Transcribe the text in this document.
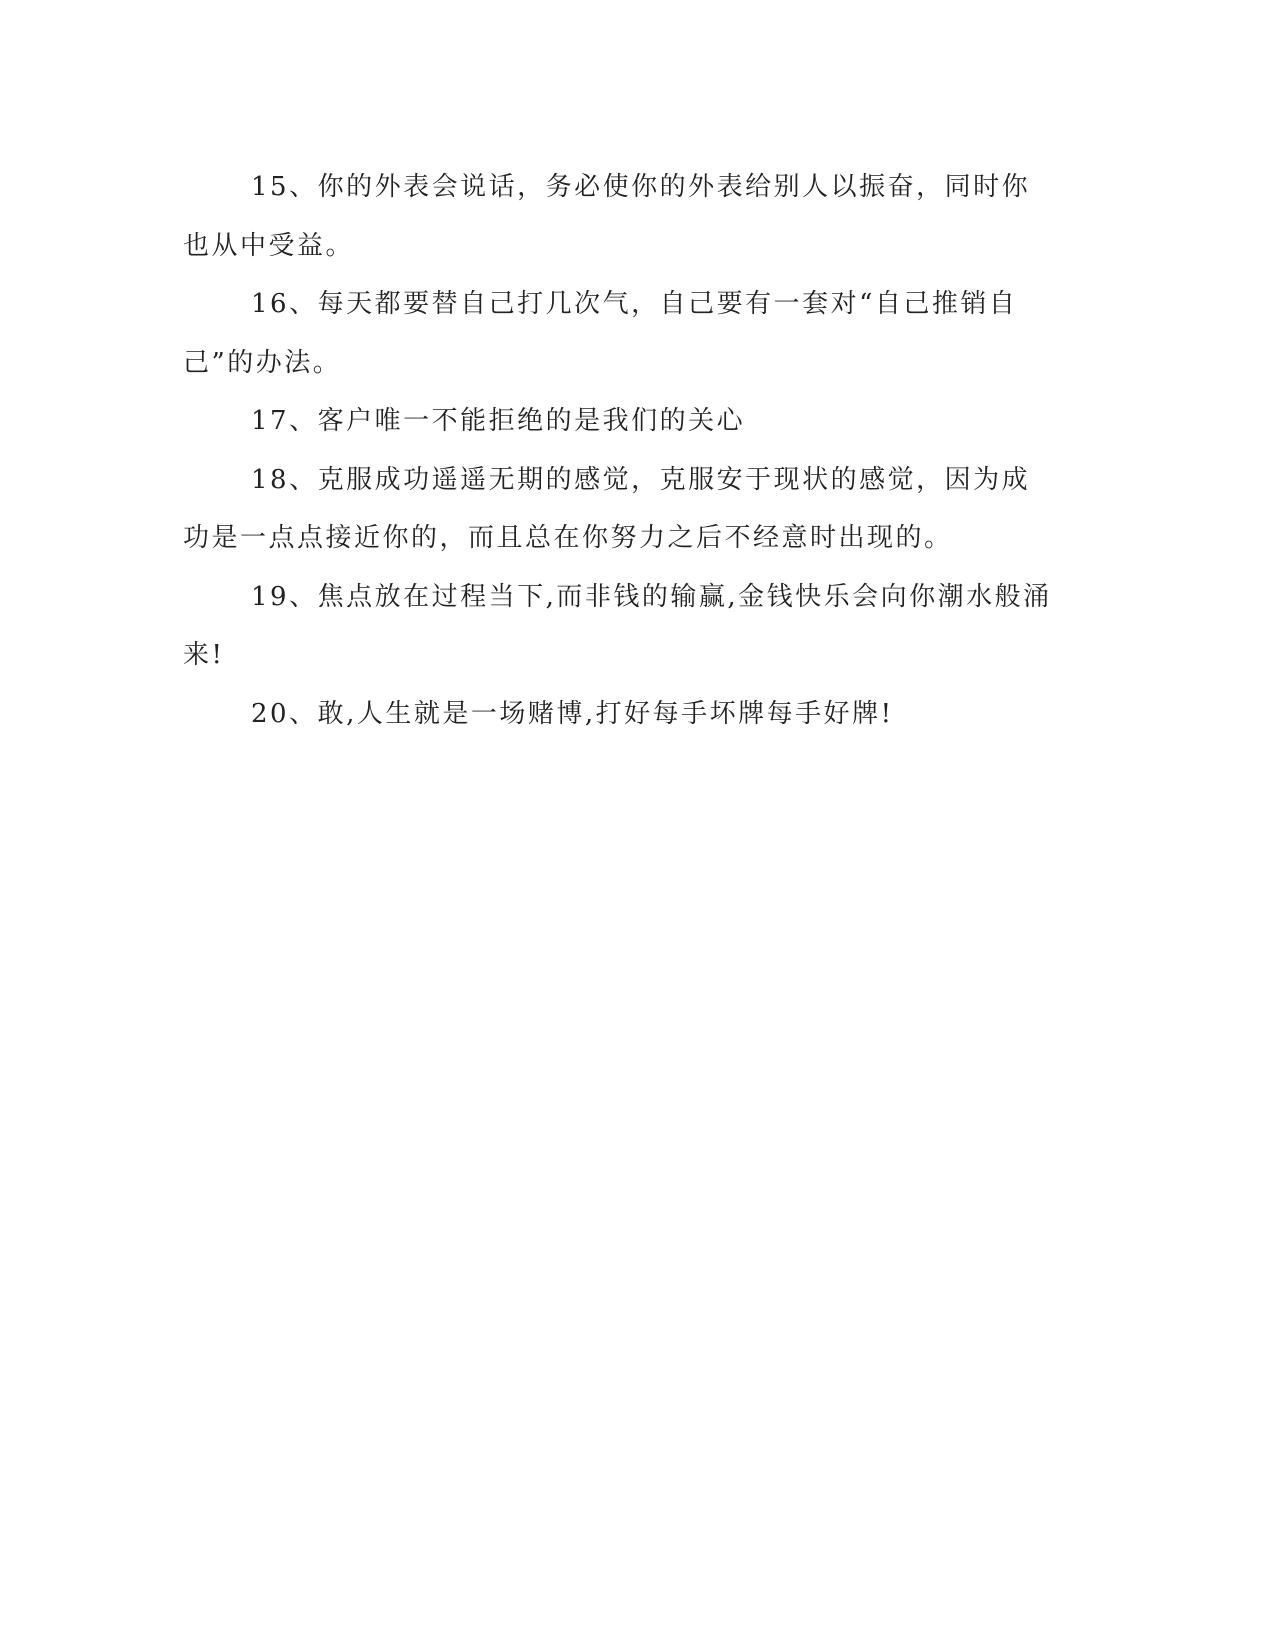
15、你的外表会说话，务必使你的外表给别人以振奋，同时你也从中受益。

16、每天都要替自己打几次气，自己要有一套对“自己推销自己”的办法。

17、客户唯一不能拒绝的是我们的关心

18、克服成功遥遥无期的感觉，克服安于现状的感觉，因为成功是一点点接近你的，而且总在你努力之后不经意时出现的。

19、焦点放在过程当下,而非钱的输赢,金钱快乐会向你潮水般涌来!

20、敢,人生就是一场赌博,打好每手坏牌每手好牌!
